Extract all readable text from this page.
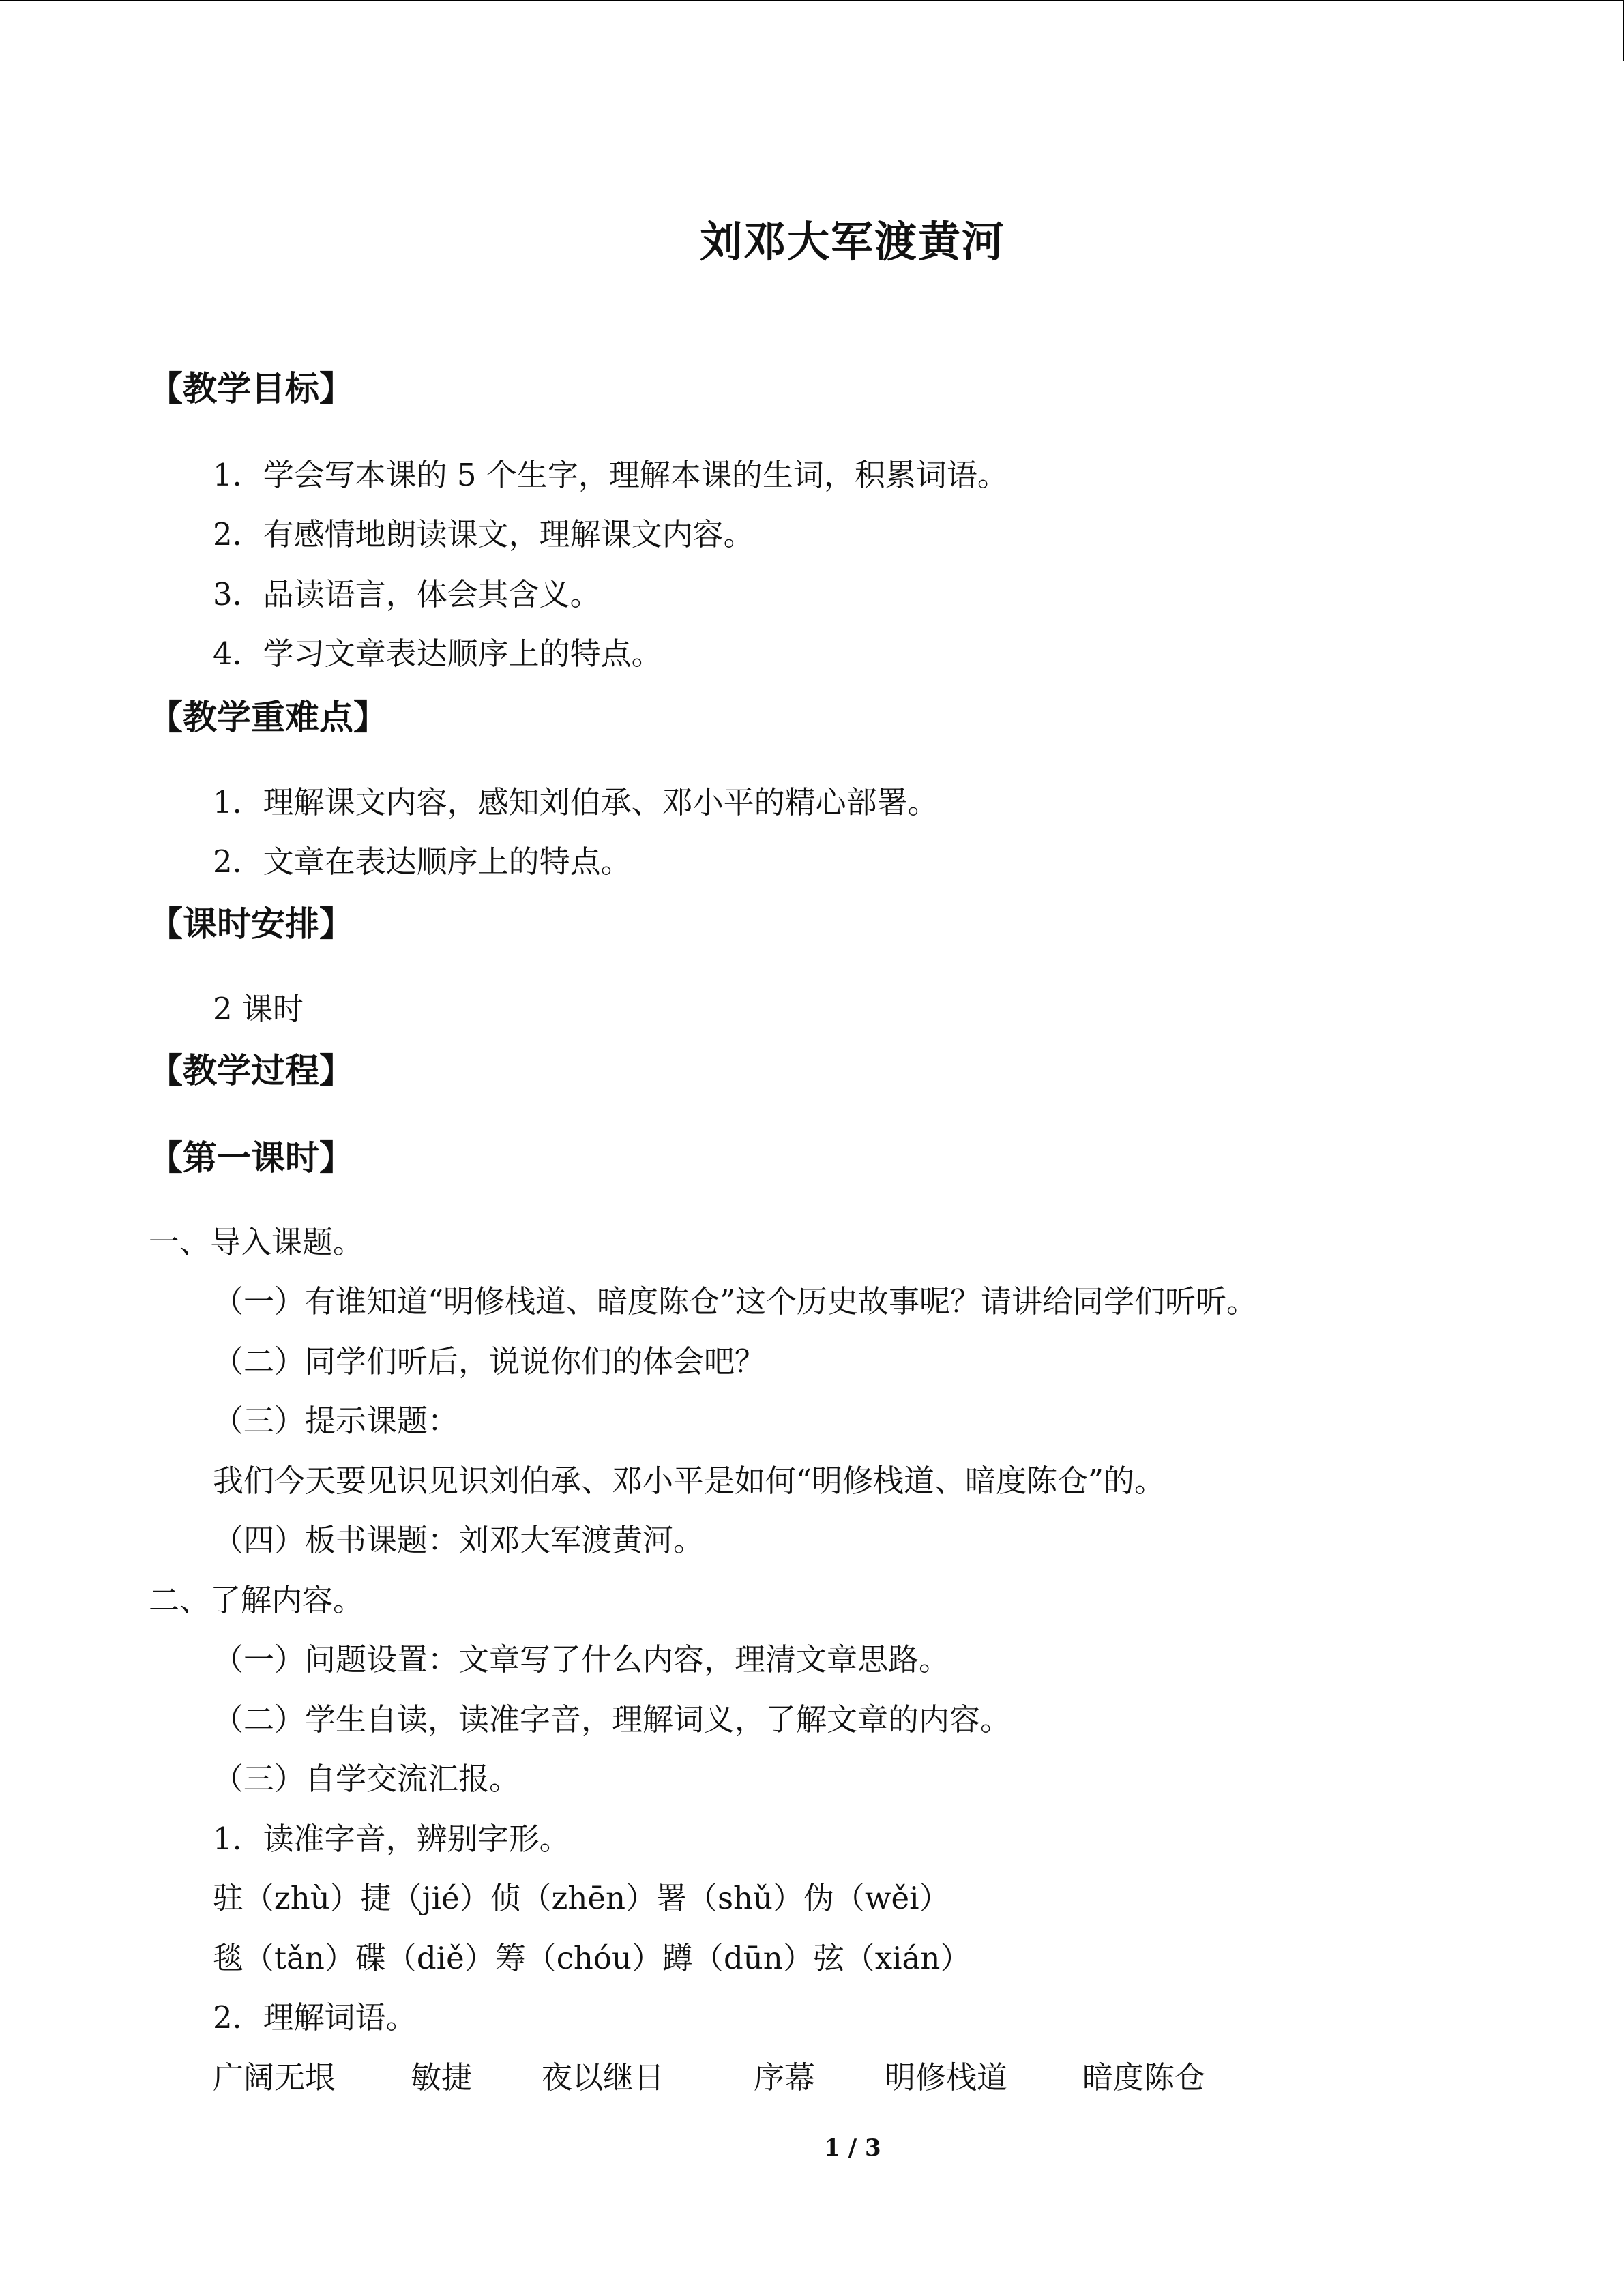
刘邓大军渡黄河
【教学目标】
1．学会写本课的 5 个生字，理解本课的生词，积累词语。
2．有感情地朗读课文，理解课文内容。
3．品读语言，体会其含义。
4．学习文章表达顺序上的特点。
【教学重难点】
1．理解课文内容，感知刘伯承、邓小平的精心部署。
2．文章在表达顺序上的特点。
【课时安排】
2 课时
【教学过程】
【第一课时】
一、导入课题。
（一）有谁知道“明修栈道、暗度陈仓”这个历史故事呢？请讲给同学们听听。
（二）同学们听后，说说你们的体会吧？
（三）提示课题：
我们今天要见识见识刘伯承、邓小平是如何“明修栈道、暗度陈仓”的。
（四）板书课题：刘邓大军渡黄河。
二、了解内容。
（一）问题设置：文章写了什么内容，理清文章思路。
（二）学生自读，读准字音，理解词义，了解文章的内容。
（三）自学交流汇报。
1．读准字音，辨别字形。
驻（zhù）捷（jié）侦（zhēn）署（shǔ）伪（wěi）
毯（tǎn）碟（diě）筹（chóu）蹲（dūn）弦（xián）
2．理解词语。
广阔无垠 敏捷 夜以继日	序幕 明修栈道 暗度陈仓
1 / 3
